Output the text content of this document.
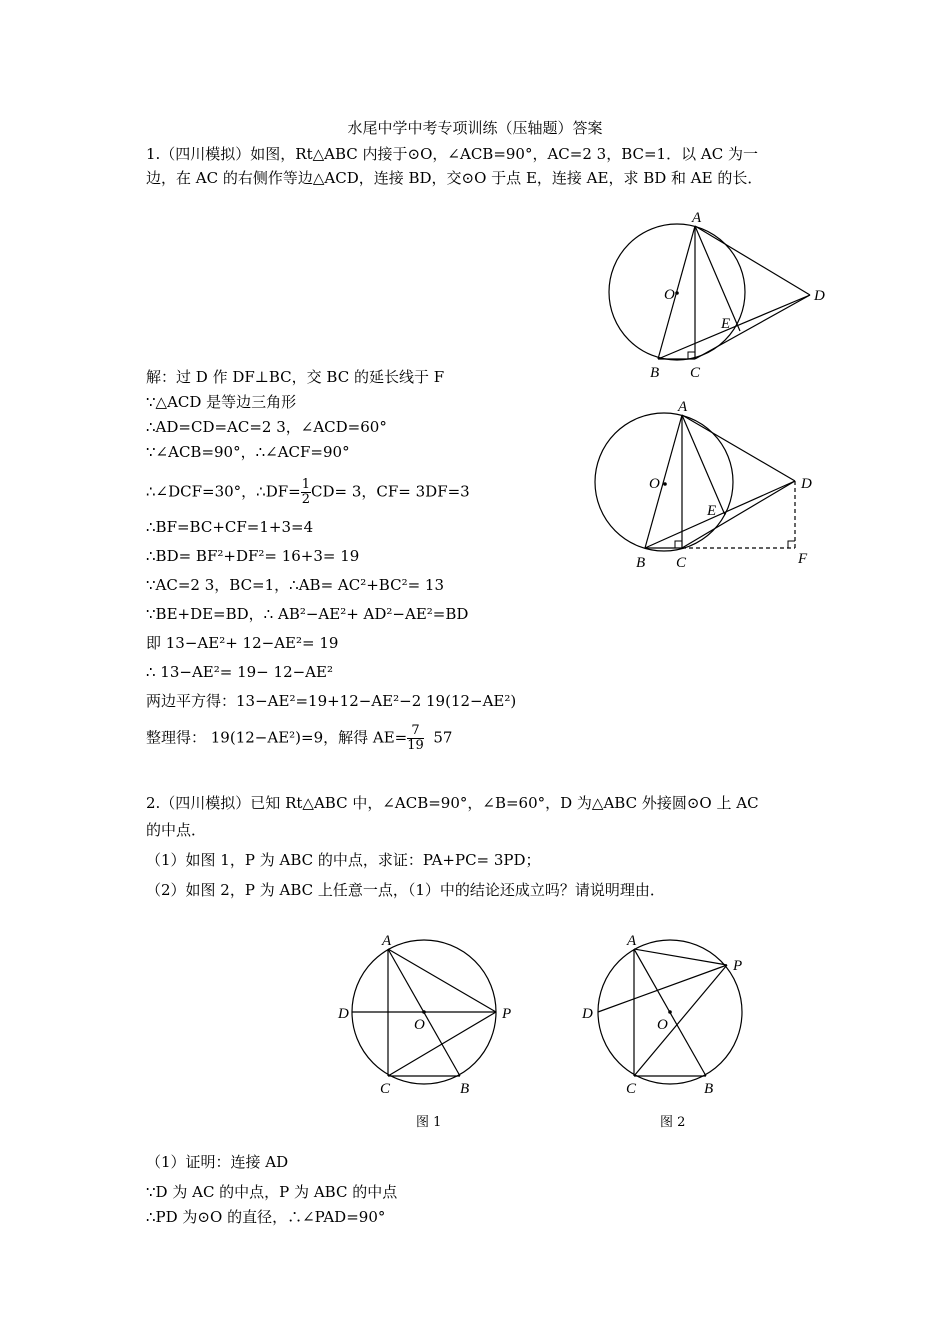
水尾中学中考专项训练（压轴题）答案
1.（四川模拟）如图，Rt△ABC 内接于⊙O，∠ACB=90°，AC=2 3，BC=1．以 AC 为一
边，在 AC 的右侧作等边△ACD，连接 BD，交⊙O 于点 E，连接 AE，求 BD 和 AE 的长．
A
O	D
E
B C
解：过 D 作 DF⊥BC，交 BC 的延长线于 F
∵△ACD 是等边三角形
∴AD=CD=AC=2 3，∠ACD=60°
∵∠ACB=90°，∴∠ACF=90°
∴∠DCF=30°，∴DF= $\frac{1}{2} CD= 3$，CF= 3DF=3
∴BF=BC+CF=1+3=4
∴BD= BF²+DF²= 16+3= 19
∵AC=2 3，BC=1，∴AB= AC²+BC²= 13
∵BE+DE=BD，∴ AB²−AE²+ AD²−AE²=BD
即 13−AE²+ 12−AE²= 19
∴ 13−AE²= 19− 12−AE²
两边平方得：13−AE²=19+12−AE²−2 19(12−AE²)
整理得： 19(12−AE²)=9，解得 $AE= \frac{7}{19} 57$
A
O	D
E
B C	F
2.（四川模拟）已知 Rt△ABC 中，∠ACB=90°，∠B=60°，D 为△ABC 外接圆⊙O 上 AC
的中点．
（1）如图 1，P 为 ABC 的中点，求证：PA+PC= 3PD；
（2）如图 2，P 为 ABC 上任意一点，（1）中的结论还成立吗？请说明理由．
A
D
O
P
C	B
图 1
A
D
O
P
C	B
图 2
（1）证明：连接 AD
∵D 为 AC 的中点，P 为 ABC 的中点
∴PD 为⊙O 的直径，∴∠PAD=90°
